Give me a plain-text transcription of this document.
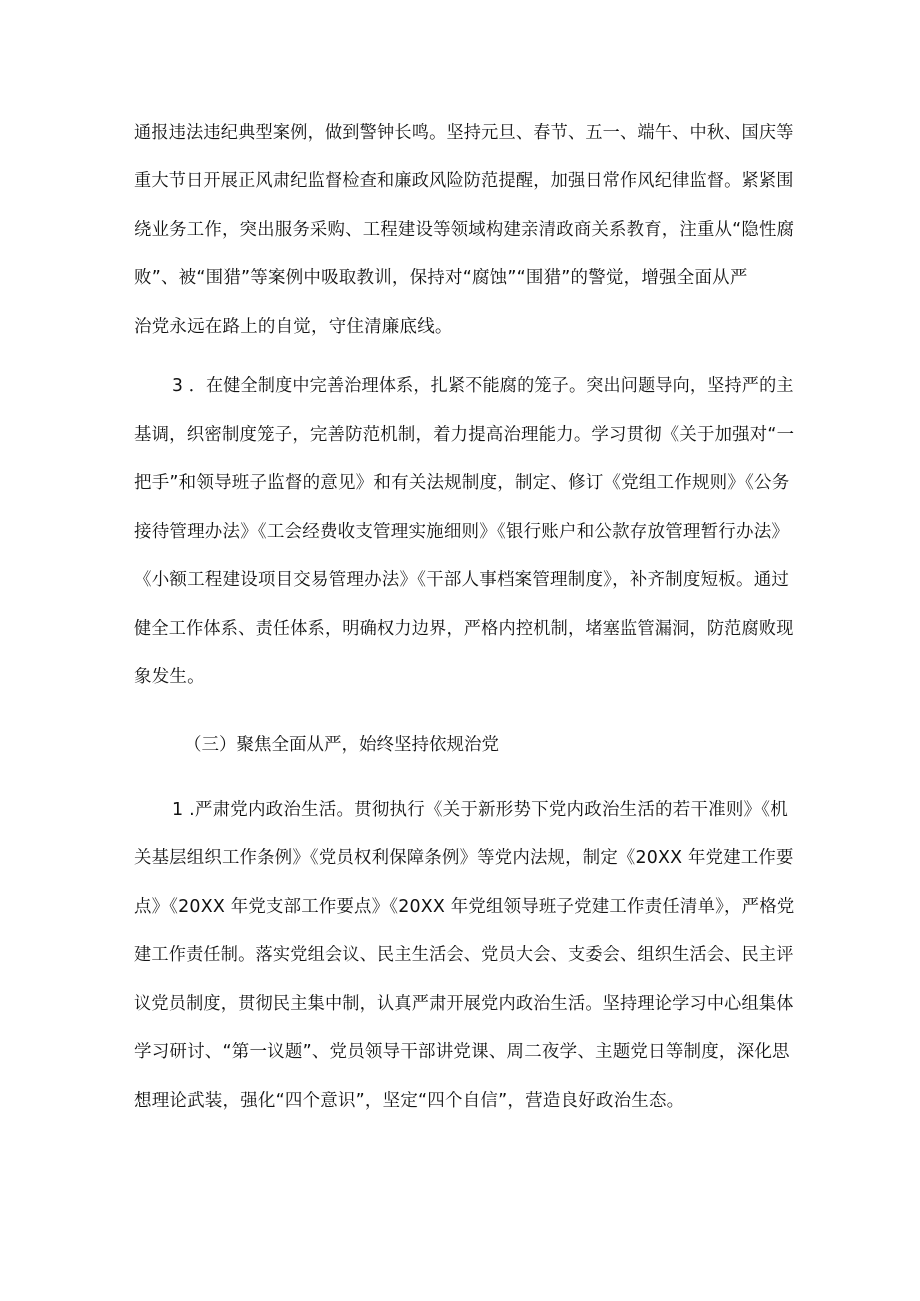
通报违法违纪典型案例，做到警钟长鸣。坚持元旦、春节、五一、端午、中秋、国庆等
重大节日开展正风肃纪监督检查和廉政风险防范提醒，加强日常作风纪律监督。紧紧围
绕业务工作，突出服务采购、工程建设等领域构建亲清政商关系教育，注重从“隐性腐
败”、被“围猎”等案例中吸取教训，保持对“腐蚀”“围猎”的警觉，增强全面从严
治党永远在路上的自觉，守住清廉底线。
3 ．在健全制度中完善治理体系，扎紧不能腐的笼子。突出问题导向，坚持严的主
基调，织密制度笼子，完善防范机制，着力提高治理能力。学习贯彻《关于加强对“一
把手”和领导班子监督的意见》和有关法规制度，制定、修订《党组工作规则》《公务
接待管理办法》《工会经费收支管理实施细则》《银行账户和公款存放管理暂行办法》
《小额工程建设项目交易管理办法》《干部人事档案管理制度》，补齐制度短板。通过
健全工作体系、责任体系，明确权力边界，严格内控机制，堵塞监管漏洞，防范腐败现
象发生。
（三）聚焦全面从严，始终坚持依规治党
1 .严肃党内政治生活。贯彻执行《关于新形势下党内政治生活的若干准则》《机
关基层组织工作条例》《党员权利保障条例》等党内法规，制定《20XX 年党建工作要
点》《20XX 年党支部工作要点》《20XX 年党组领导班子党建工作责任清单》，严格党
建工作责任制。落实党组会议、民主生活会、党员大会、支委会、组织生活会、民主评
议党员制度，贯彻民主集中制，认真严肃开展党内政治生活。坚持理论学习中心组集体
学习研讨、“第一议题”、党员领导干部讲党课、周二夜学、主题党日等制度，深化思
想理论武装，强化“四个意识”，坚定“四个自信”，营造良好政治生态。
